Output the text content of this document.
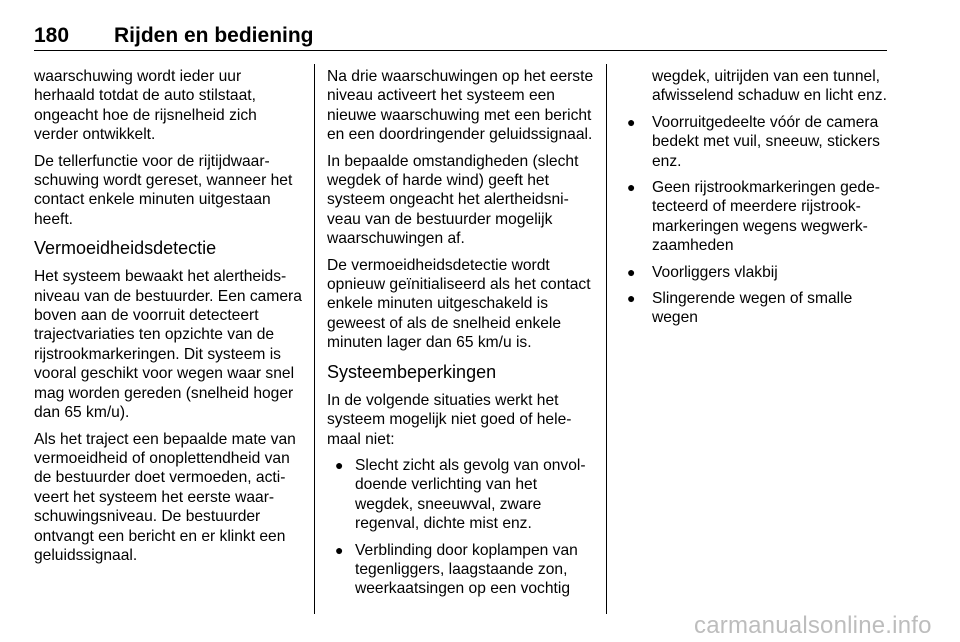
180 Rijden en bediening

waarschuwing wordt ieder uur herhaald totdat de auto stilstaat, ongeacht hoe de rijsnelheid zich verder ontwikkelt.

De tellerfunctie voor de rijtijdwaarschuwing wordt gereset, wanneer het contact enkele minuten uitgestaan heeft.

Vermoeidheidsdetectie

Het systeem bewaakt het alertheidsniveau van de bestuurder. Een camera boven aan de voorruit detecteert trajectvariaties ten opzichte van de rijstrookmarkeringen. Dit systeem is vooral geschikt voor wegen waar snel mag worden gereden (snelheid hoger dan 65 km/u).

Als het traject een bepaalde mate van vermoeidheid of onoplettendheid van de bestuurder doet vermoeden, activeert het systeem het eerste waarschuwingsniveau. De bestuurder ontvangt een bericht en er klinkt een geluidssignaal.

Na drie waarschuwingen op het eerste niveau activeert het systeem een nieuwe waarschuwing met een bericht en een doordringender geluidssignaal.

In bepaalde omstandigheden (slecht wegdek of harde wind) geeft het systeem ongeacht het alertheidsniveau van de bestuurder mogelijk waarschuwingen af.

De vermoeidheidsdetectie wordt opnieuw geïnitialiseerd als het contact enkele minuten uitgeschakeld is geweest of als de snelheid enkele minuten lager dan 65 km/u is.

Systeembeperkingen

In de volgende situaties werkt het systeem mogelijk niet goed of helemaal niet:

● Slecht zicht als gevolg van onvoldoende verlichting van het wegdek, sneeuwval, zware regenval, dichte mist enz.
● Verblinding door koplampen van tegenliggers, laagstaande zon, weerkaatsingen op een vochtig

wegdek, uitrijden van een tunnel, afwisselend schaduw en licht enz.

● Voorruitgedeelte vóór de camera bedekt met vuil, sneeuw, stickers enz.
● Geen rijstrookmarkeringen gedetecteerd of meerdere rijstrookmarkeringen wegens wegwerkzaamheden
● Voorliggers vlakbij
● Slingerende wegen of smalle wegen
carmanualsonline.info
